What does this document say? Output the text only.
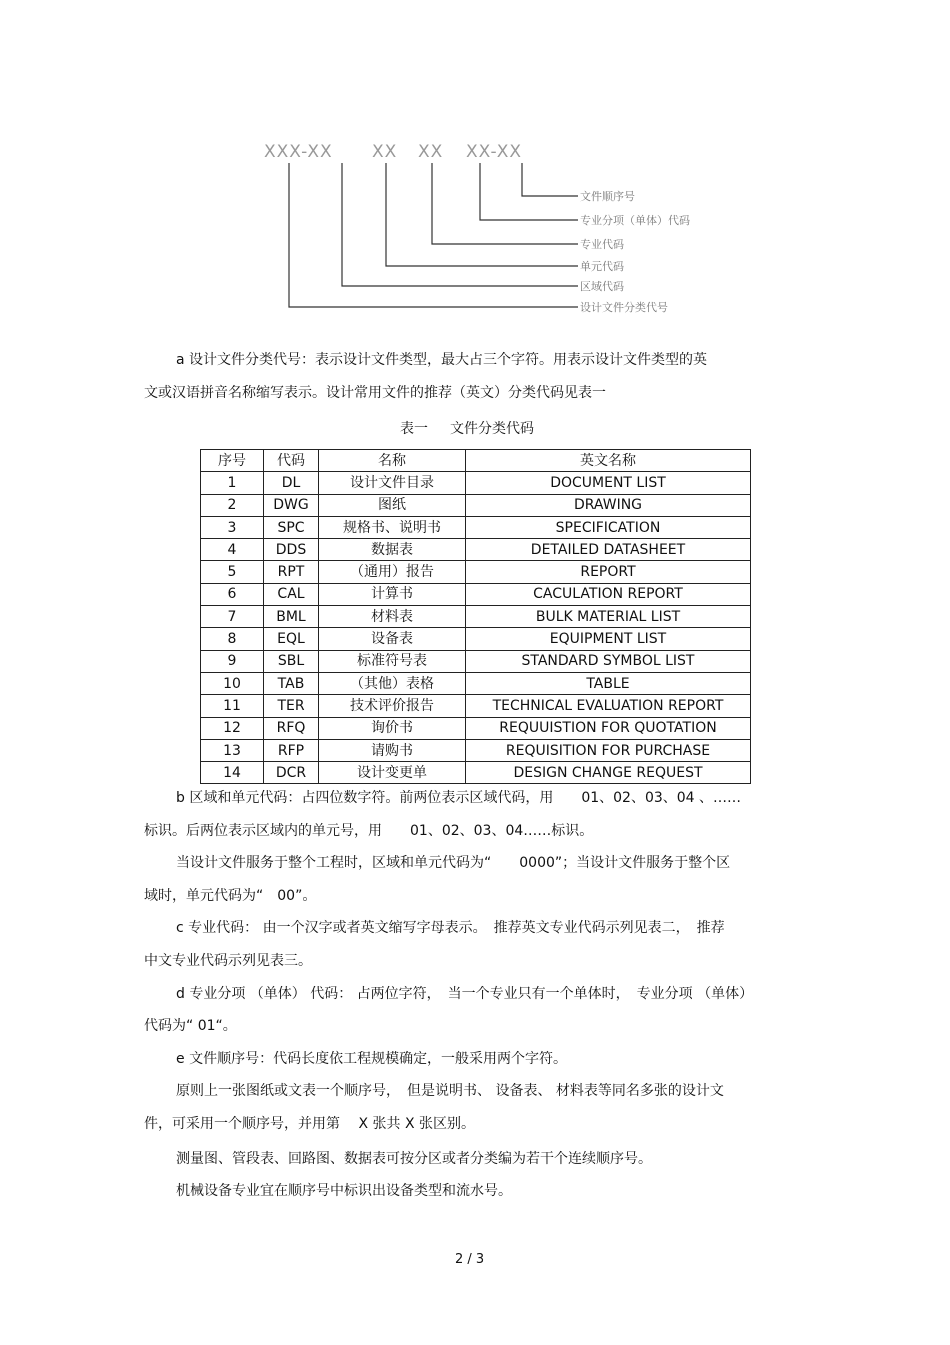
XXX-XX XX XX XX-XX
文件顺序号
专业分项（单体）代码
专业代码
单元代码
区域代码
设计文件分类代号
a 设计文件分类代号：表示设计文件类型，最大占三个字符。用表示设计文件类型的英
文或汉语拼音名称缩写表示。设计常用文件的推荐（英文）分类代码见表一
表一 文件分类代码
序号	代码	名称	英文名称
1	DL	设计文件目录	DOCUMENT LIST
2	DWG	图纸	DRAWING
3	SPC	规格书、说明书	SPECIFICATION
4	DDS	数据表	DETAILED DATASHEET
5	RPT	（通用）报告	REPORT
6	CAL	计算书	CACULATION REPORT
7	BML	材料表	BULK MATERIAL LIST
8	EQL	设备表	EQUIPMENT LIST
9	SBL	标准符号表	STANDARD SYMBOL LIST
10	TAB	（其他）表格	TABLE
11	TER	技术评价报告	TECHNICAL EVALUATION REPORT
12	RFQ	询价书	REQUUISTION FOR QUOTATION
13	RFP	请购书	REQUISITION FOR PURCHASE
14	DCR	设计变更单	DESIGN CHANGE REQUEST
b 区域和单元代码：占四位数字符。前两位表示区域代码，用　　01、02、03、04 、……
标识。后两位表示区域内的单元号，用　　01、02、03、04……标识。
当设计文件服务于整个工程时，区域和单元代码为“　　0000”；当设计文件服务于整个区
域时，单元代码为“　00”。
c 专业代码： 由一个汉字或者英文缩写字母表示。　推荐英文专业代码示列见表二，　推荐
中文专业代码示列见表三。
d 专业分项 （单体） 代码： 占两位字符，　当一个专业只有一个单体时，　专业分项 （单体）
代码为“ 01“。
e 文件顺序号：代码长度依工程规模确定，一般采用两个字符。
原则上一张图纸或文表一个顺序号，　但是说明书、 设备表、 材料表等同名多张的设计文
件，可采用一个顺序号，并用第　 X 张共 X 张区别。
测量图、管段表、回路图、数据表可按分区或者分类编为若干个连续顺序号。
机械设备专业宜在顺序号中标识出设备类型和流水号。
2 / 3
